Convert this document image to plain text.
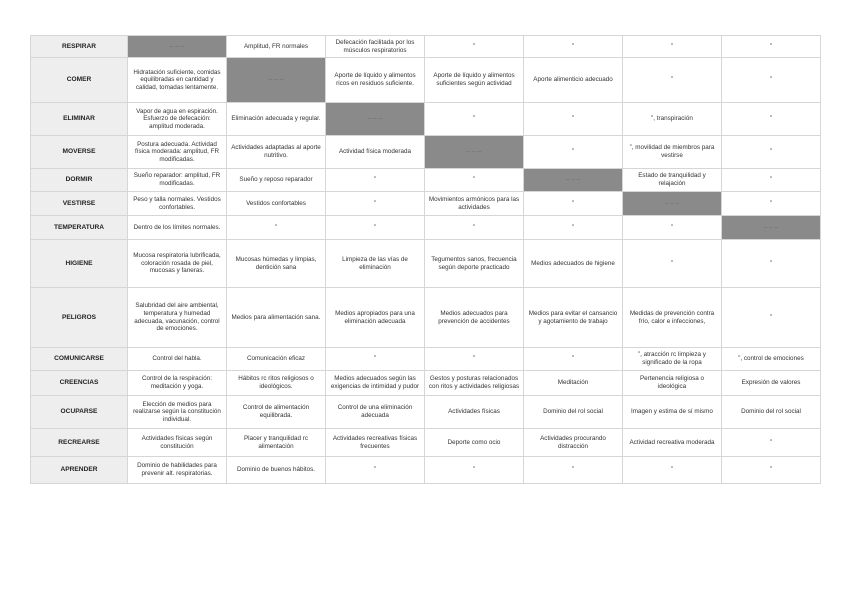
RESPIRAR	– – –	Amplitud, FR normales	Defecación facilitada por los músculos respiratorios	”	”	”	”
COMER	Hidratación suficiente, comidas equilibradas en cantidad y calidad, tomadas lentamente.	– – –	Aporte de líquido y alimentos ricos en residuos suficiente.	Aporte de líquido y alimentos suficientes según actividad	Aporte alimenticio adecuado	”	”
ELIMINAR	Vapor de agua en espiración. Esfuerzo de defecación: amplitud moderada.	Eliminación adecuada y regular.	– – –	”	”	”, transpiración	”
MOVERSE	Postura adecuada. Actividad física moderada: amplitud, FR modificadas.	Actividades adaptadas al aporte nutritivo.	Actividad física moderada	– – –	”	”, movilidad de miembros para vestirse	”
DORMIR	Sueño reparador: amplitud, FR modificadas.	Sueño y reposo reparador	”	”	– – –	Estado de tranquilidad y relajación	”
VESTIRSE	Peso y talla normales. Vestidos confortables.	Vestidos confortables	”	Movimientos armónicos para las actividades	”	– – –	”
TEMPERATURA	Dentro de los límites normales.	”	”	”	”	”	– – –
HIGIENE	Mucosa respiratoria lubrificada, coloración rosada de piel, mucosas y faneras.	Mucosas húmedas y limpias, dentición sana	Limpieza de las vías de eliminación	Tegumentos sanos, frecuencia según deporte practicado	Medios adecuados de higiene	”	”
PELIGROS	Salubridad del aire ambiental, temperatura y humedad adecuada, vacunación, control de emociones.	Medios para alimentación sana.	Medios apropiados para una eliminación adecuada	Medios adecuados para prevención de accidentes	Medios para evitar el cansancio y agotamiento de trabajo	Medidas de prevención contra frío, calor e infecciones,	”
COMUNICARSE	Control del habla.	Comunicación eficaz	”	”	”	”, atracción rc limpieza y significado de la ropa	”, control de emociones
CREENCIAS	Control de la respiración: meditación y yoga.	Hábitos rc ritos religiosos o ideológicos.	Medios adecuados según las exigencias de intimidad y pudor	Gestos y posturas relacionados con ritos y actividades religiosas	Meditación	Pertenencia religiosa o ideológica	Expresión de valores
OCUPARSE	Elección de medios para realizarse según la constitución individual.	Control de alimentación equilibrada.	Control de una eliminación adecuada	Actividades físicas	Dominio del rol social	Imagen y estima de sí mismo	Dominio del rol social
RECREARSE	Actividades físicas según constitución	Placer y tranquilidad rc alimentación	Actividades recreativas físicas frecuentes	Deporte como ocio	Actividades procurando distracción	Actividad recreativa moderada	”
APRENDER	Dominio de habilidades para prevenir alt. respiratorias.	Dominio de buenos hábitos.	”	”	”	”	”
